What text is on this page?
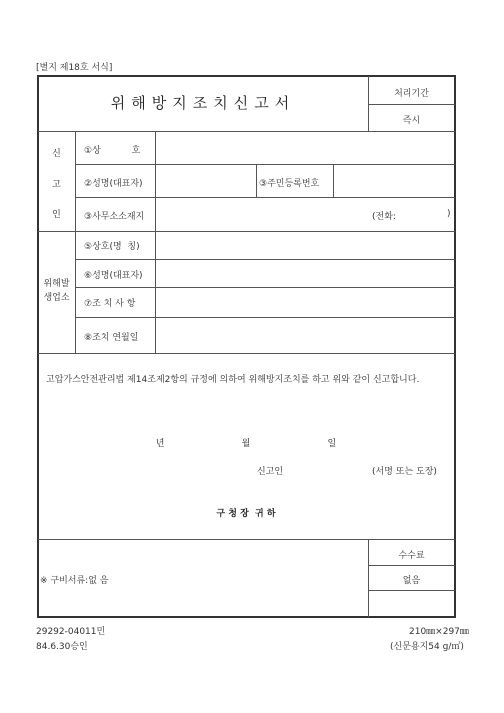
[별지 제18호 서식]
위해방지조치신고서	처리기간
즉시
신
고
인
①상 호
②성명(대표자)	③주민등록번호
③사무소소재지	(전화:	)
위해발
생업소
⑤상호(명  칭)
⑥성명(대표자)
⑦조 치 사 항
⑧조치 연월일
고압가스안전관리법 제14조제2항의 규정에 의하여 위해방지조치를 하고 위와 같이 신고합니다.
년      월      일
신고인	(서명 또는 도장)
구 청 장  귀 하
※ 구비서류:없 음
수수료
없음
29292-04011민
84.6.30승인
210㎜×297㎜
(신문용지54 g/㎡)
